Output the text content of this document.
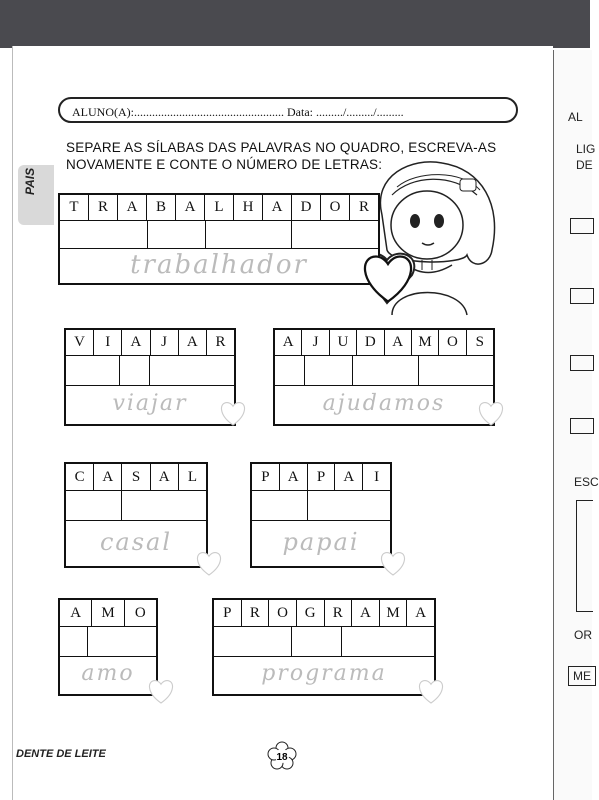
AL
LIG
DE
ESC
OR
ME
PAIS
ALUNO(A):.................................................. Data: ........./........./.........
SEPARE AS SÍLABAS DAS PALAVRAS NO QUADRO, ESCREVA-AS
NOVAMENTE E CONTE O NÚMERO DE LETRAS:
T	R	A	B	A	L	H	A	D	O	R
trabalhador
V	I	A	J	A	R
viajar
A	J	U	D	A	M	O	S
ajudamos
C	A	S	A	L
casal
P	A	P	A	I
papai
A	M	O
amo
P	R	O	G	R	A	M	A
programa
DENTE DE LEITE	18
